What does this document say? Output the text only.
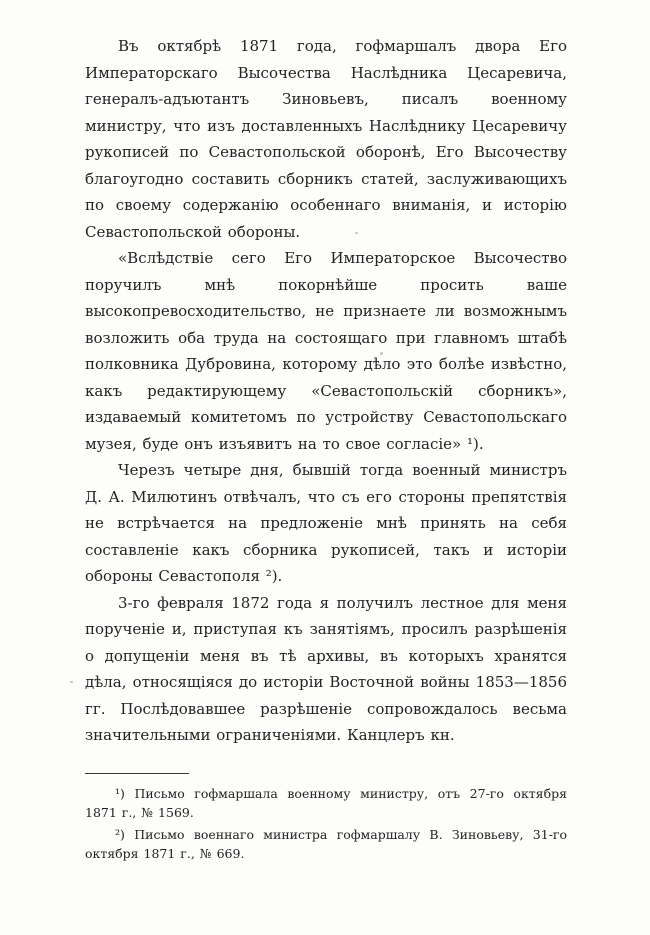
Въ октябрѣ 1871 года, гофмаршалъ двора Его Императорскаго Высочества Наслѣдника Цесаревича, генералъ-адъютантъ Зиновьевъ, писалъ военному министру, что изъ доставленныхъ Наслѣднику Цесаревичу рукописей по Севастопольской оборонѣ, Его Высочеству благоугодно составить сборникъ статей, заслуживающихъ по своему содержанію особеннаго вниманія, и исторію Севастопольской обороны.

«Вслѣдствіе сего Его Императорское Высочество поручилъ мнѣ покорнѣйше просить ваше высокопревосходительство, не признаете ли возможнымъ возложить оба труда на состоящаго при главномъ штабѣ полковника Дубровина, которому дѣло это болѣе извѣстно, какъ редактирующему «Севастопольскій сборникъ», издаваемый комитетомъ по устройству Севастопольскаго музея, буде онъ изъявитъ на то свое согласіе» ¹).

Черезъ четыре дня, бывшій тогда военный министръ Д. А. Милютинъ отвѣчалъ, что съ его стороны препятствія не встрѣчается на предложеніе мнѣ принять на себя составленіе какъ сборника рукописей, такъ и исторіи обороны Севастополя ²).

3-го февраля 1872 года я получилъ лестное для меня порученіе и, приступая къ занятіямъ, просилъ разрѣшенія о допущеніи меня въ тѣ архивы, въ которыхъ хранятся дѣла, относящіяся до исторіи Восточной войны 1853—1856 гг. Послѣдовавшее разрѣшеніе сопровождалось весьма значительными ограниченіями. Канцлеръ кн.

¹) Письмо гофмаршала военному министру, отъ 27-го октября 1871 г., № 1569.

²) Письмо военнаго министра гофмаршалу В. Зиновьеву, 31-го октября 1871 г., № 669.
